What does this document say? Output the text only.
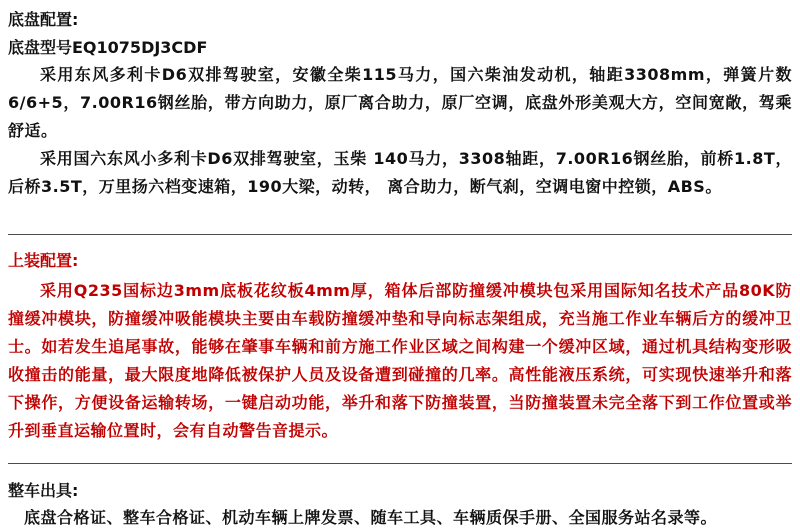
底盘配置:
底盘型号EQ1075DJ3CDF

采用东风多利卡D6双排驾驶室，安徽全柴115马力，国六柴油发动机，轴距3308mm，弹簧片数6/6+5，7.00R16钢丝胎，带方向助力，原厂离合助力，原厂空调，底盘外形美观大方，空间宽敞，驾乘舒适。

采用国六东风小多利卡D6双排驾驶室，玉柴 140马力，3308轴距，7.00R16钢丝胎，前桥1.8T，后桥3.5T，万里扬六档变速箱，190大梁，动转， 离合助力，断气刹，空调电窗中控锁，ABS。

上装配置:

采用Q235国标边3mm底板花纹板4mm厚，箱体后部防撞缓冲模块包采用国际知名技术产品80K防撞缓冲模块，防撞缓冲吸能模块主要由车载防撞缓冲垫和导向标志架组成，充当施工作业车辆后方的缓冲卫士。如若发生追尾事故，能够在肇事车辆和前方施工作业区域之间构建一个缓冲区域，通过机具结构变形吸收撞击的能量，最大限度地降低被保护人员及设备遭到碰撞的几率。高性能液压系统，可实现快速举升和落下操作，方便设备运输转场，一键启动功能，举升和落下防撞装置，当防撞装置未完全落下到工作位置或举升到垂直运输位置时，会有自动警告音提示。

整车出具:

底盘合格证、整车合格证、机动车辆上牌发票、随车工具、车辆质保手册、全国服务站名录等。
